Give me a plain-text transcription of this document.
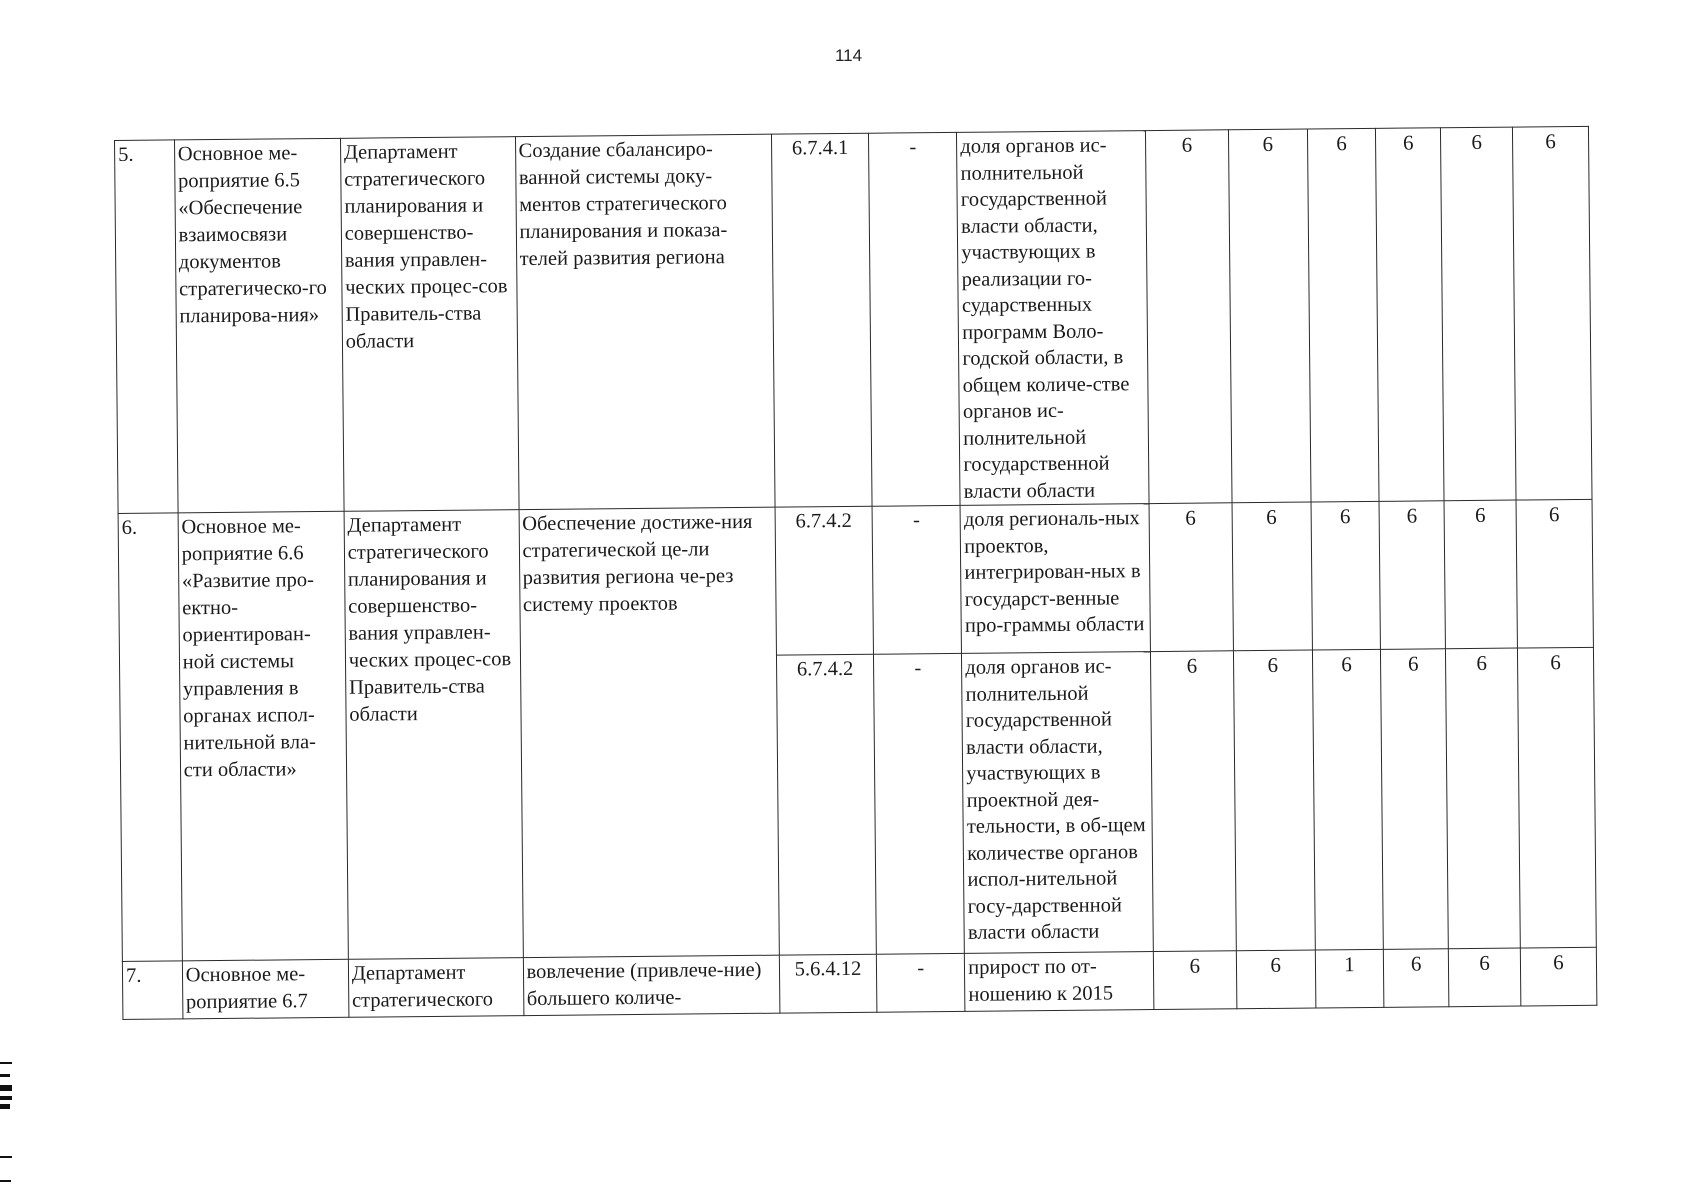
114
5.	Основное ме-роприятие 6.5 «Обеспечение взаимосвязи документов стратегическо-го планирова-ния»	Департамент стратегического планирования и совершенство-вания управлен-ческих процес-сов Правитель-ства области	Создание сбалансиро-ванной системы доку-ментов стратегического планирования и показа-телей развития региона	6.7.4.1	-	доля органов ис-полнительной государственной власти области, участвующих в реализации го-сударственных программ Воло-годской области, в общем количе-стве органов ис-полнительной государственной власти области	6	6	6	6	6	6
6.	Основное ме-роприятие 6.6 «Развитие про-ектно-ориентирован-ной системы управления в органах испол-нительной вла-сти области»	Департамент стратегического планирования и совершенство-вания управлен-ческих процес-сов Правитель-ства области	Обеспечение достиже-ния стратегической це-ли развития региона че-рез систему проектов	6.7.4.2	-	доля региональ-ных проектов, интегрирован-ных в государст-венные про-граммы области	6	6	6	6	6	6
				6.7.4.2	-	доля органов ис-полнительной государственной власти области, участвующих в проектной дея-тельности, в об-щем количестве органов испол-нительной госу-дарственной власти области	6	6	6	6	6	6
7.	Основное ме-роприятие 6.7	Департамент стратегического	вовлечение (привлече-ние) большего количе-	5.6.4.12	-	прирост по от-ношению к 2015	6	6	1	6	6	6
